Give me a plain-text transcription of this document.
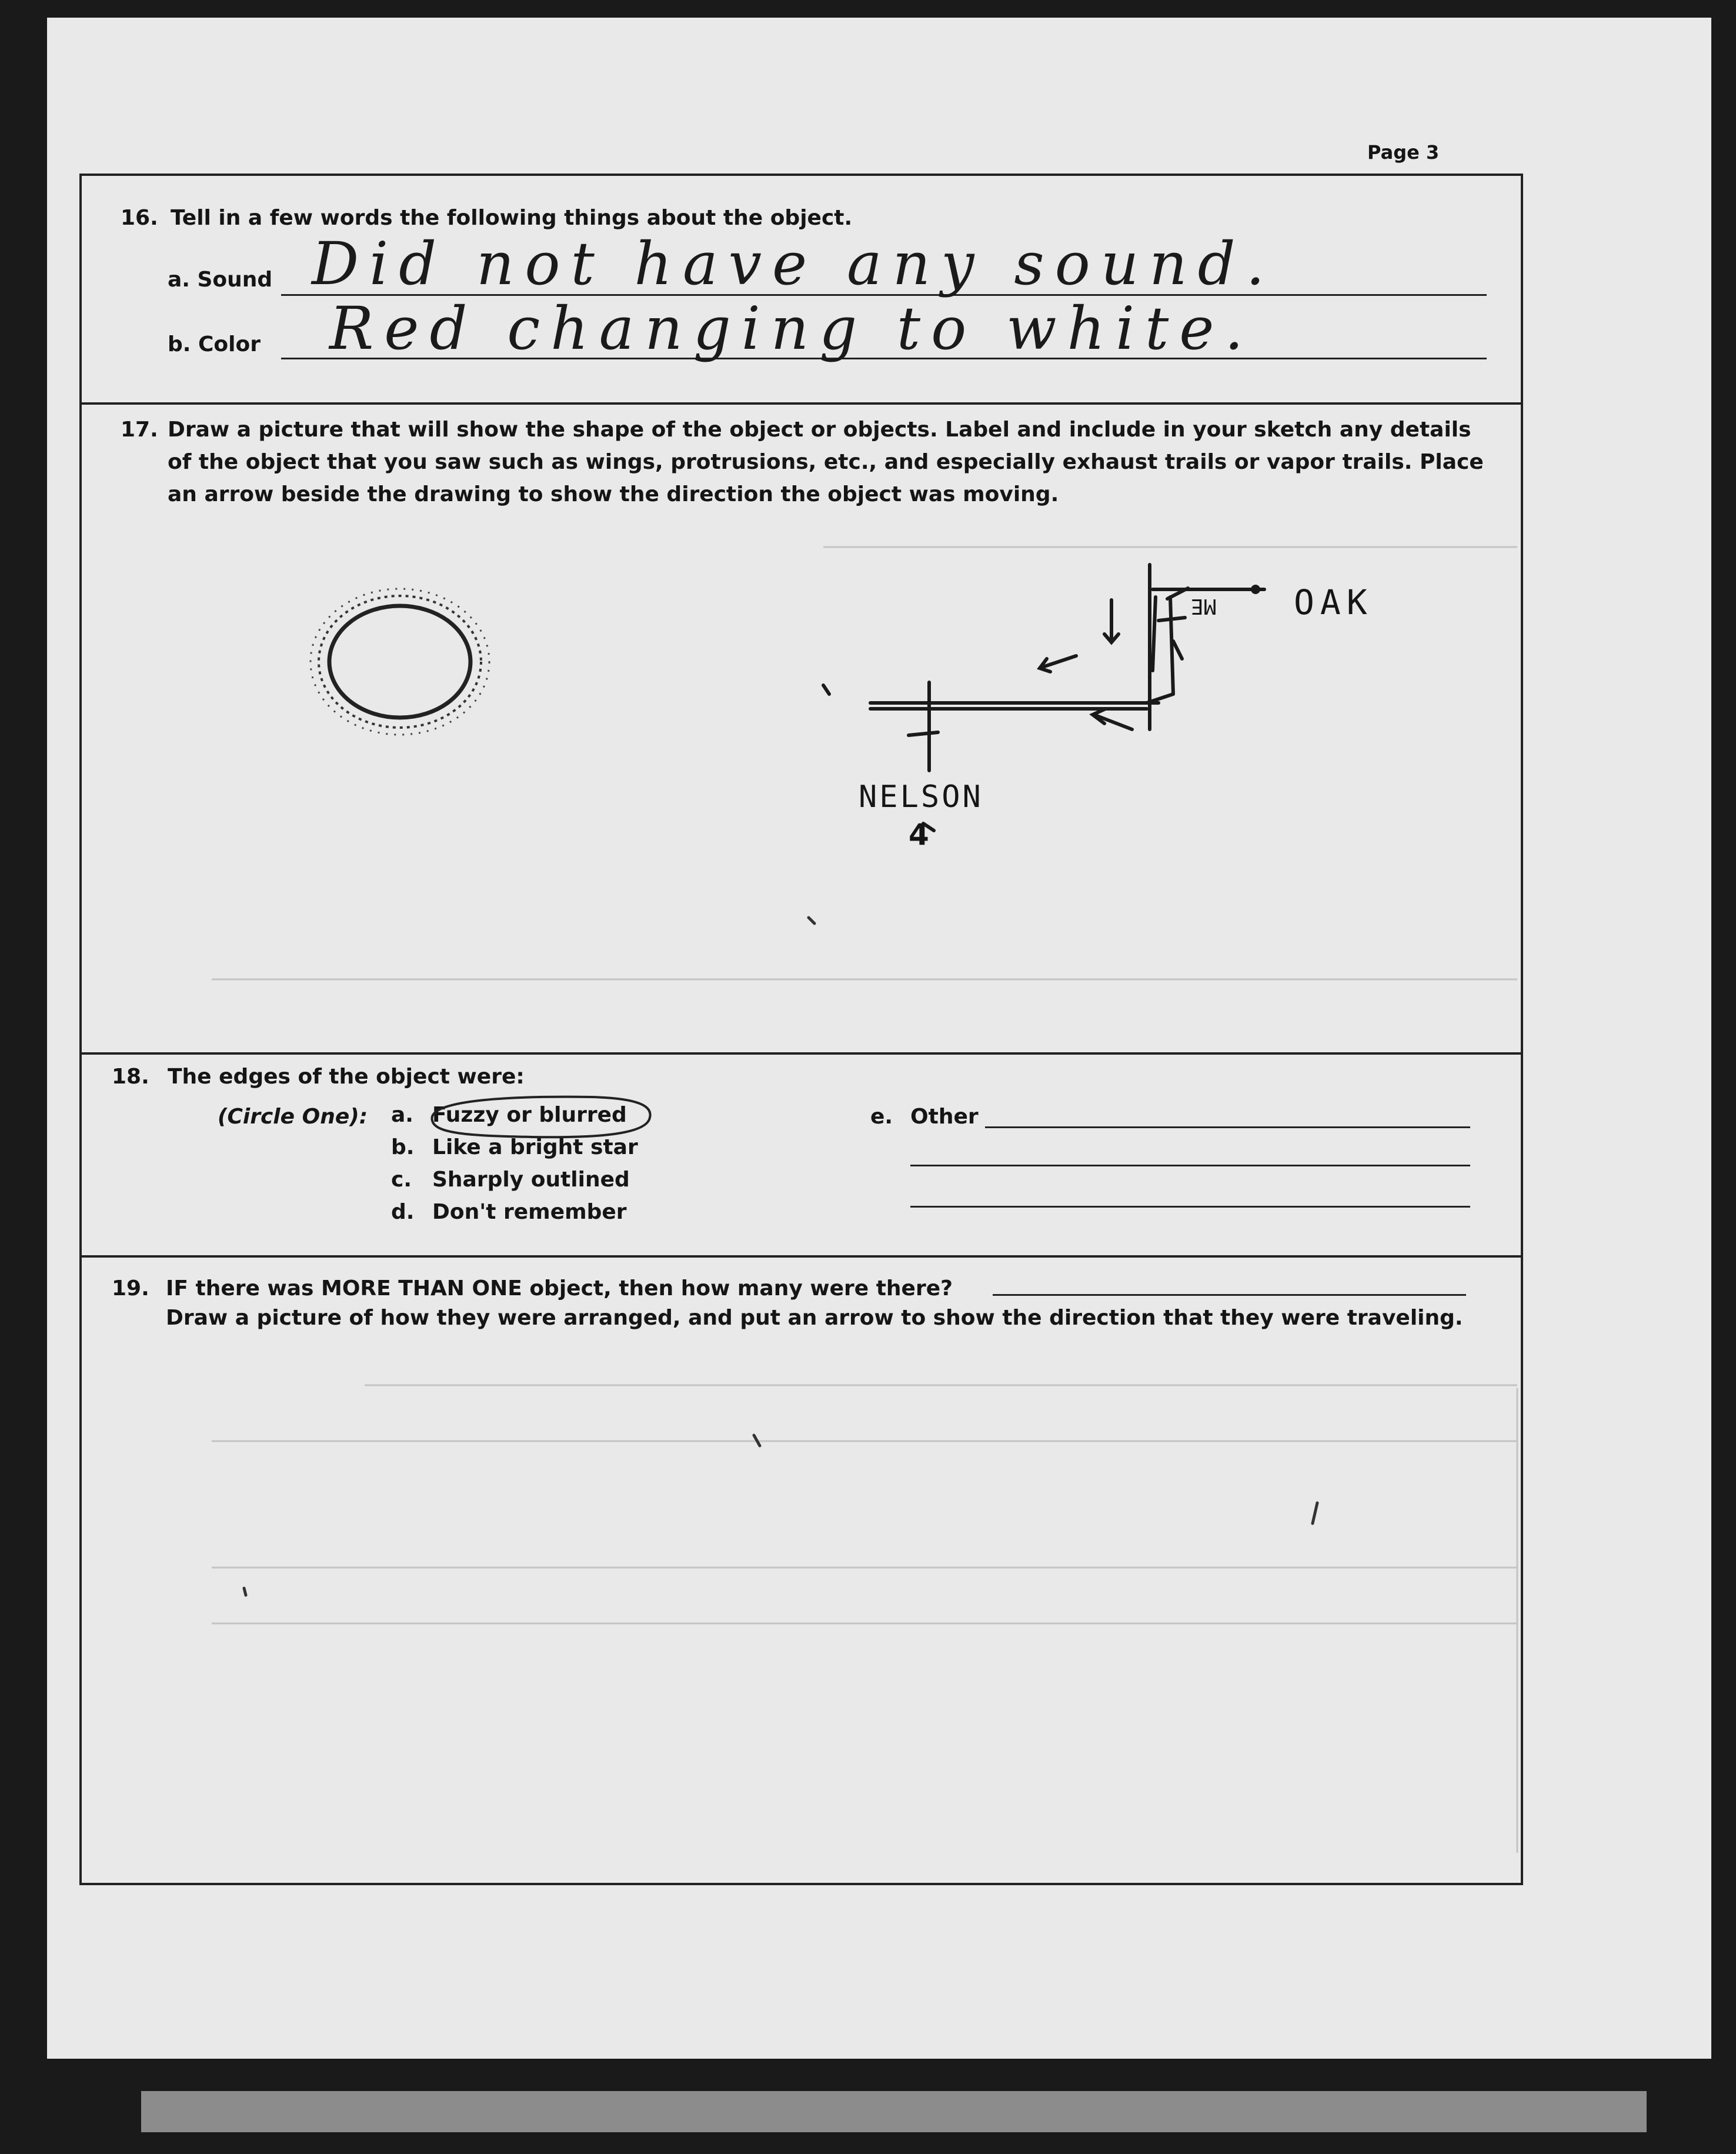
Page 3
16. Tell in a few words the following things about the object.
a. Sound Did not have any sound.
b. Color Red changing to white.
17. Draw a picture that will show the shape of the object or objects. Label and include in your sketch any details
of the object that you saw such as wings, protrusions, etc., and especially exhaust trails or vapor trails. Place
an arrow beside the drawing to show the direction the object was moving.
ME OAK
NELSON
4
18. The edges of the object were:
(Circle One): a. Fuzzy or blurred
b. Like a bright star
c. Sharply outlined
d. Don't remember
e. Other
19. IF there was MORE THAN ONE object, then how many were there?
Draw a picture of how they were arranged, and put an arrow to show the direction that they were traveling.
